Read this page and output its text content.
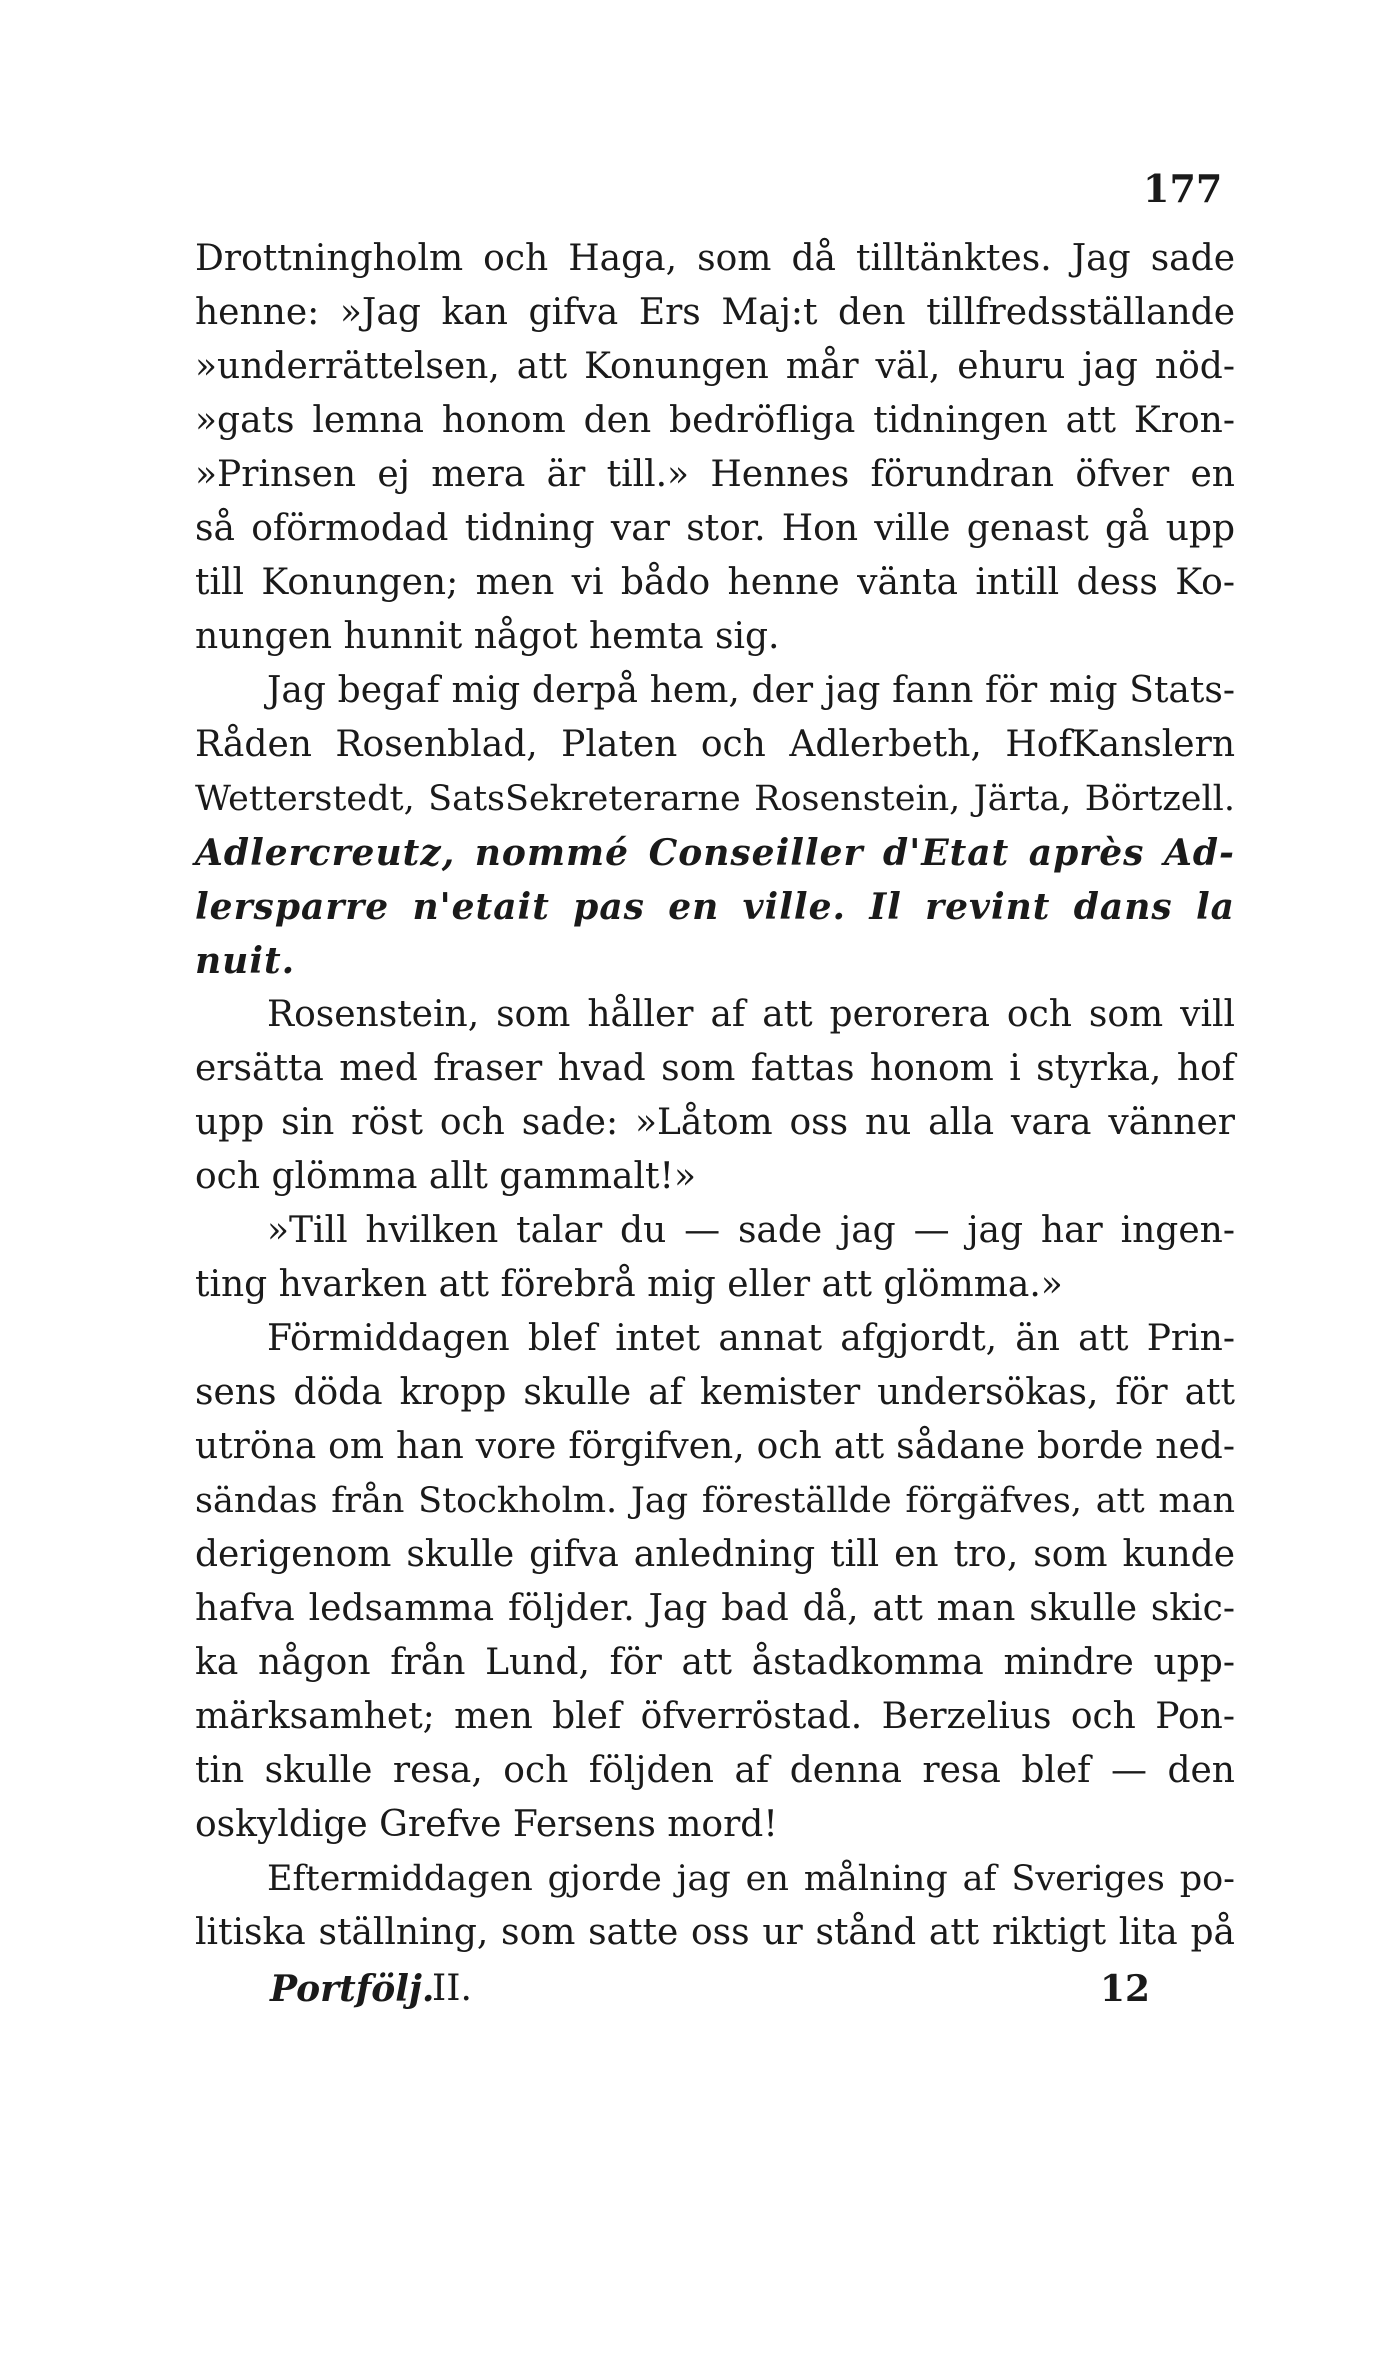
177
Drottningholm och Haga, som då tilltänktes. Jag sade
henne: »Jag kan gifva Ers Maj:t den tillfredsställande
»underrättelsen, att Konungen mår väl, ehuru jag nöd-
»gats lemna honom den bedröfliga tidningen att Kron-
»Prinsen ej mera är till.» Hennes förundran öfver en
så oförmodad tidning var stor. Hon ville genast gå upp
till Konungen; men vi bådo henne vänta intill dess Ko-
nungen hunnit något hemta sig.
Jag begaf mig derpå hem, der jag fann för mig Stats-
Råden Rosenblad, Platen och Adlerbeth, HofKanslern
Wetterstedt, SatsSekreterarne Rosenstein, Järta, Börtzell.
Adlercreutz, nommé Conseiller d'Etat après Ad-
lersparre n'etait pas en ville. Il revint dans la
nuit.
Rosenstein, som håller af att perorera och som vill
ersätta med fraser hvad som fattas honom i styrka, hof
upp sin röst och sade: »Låtom oss nu alla vara vänner
och glömma allt gammalt!»
»Till hvilken talar du — sade jag — jag har ingen-
ting hvarken att förebrå mig eller att glömma.»
Förmiddagen blef intet annat afgjordt, än att Prin-
sens döda kropp skulle af kemister undersökas, för att
utröna om han vore förgifven, och att sådane borde ned-
sändas från Stockholm. Jag föreställde förgäfves, att man
derigenom skulle gifva anledning till en tro, som kunde
hafva ledsamma följder. Jag bad då, att man skulle skic-
ka någon från Lund, för att åstadkomma mindre upp-
märksamhet; men blef öfverröstad. Berzelius och Pon-
tin skulle resa, och följden af denna resa blef — den
oskyldige Grefve Fersens mord!
Eftermiddagen gjorde jag en målning af Sveriges po-
litiska ställning, som satte oss ur stånd att riktigt lita på
Portfölj.
II.	12
